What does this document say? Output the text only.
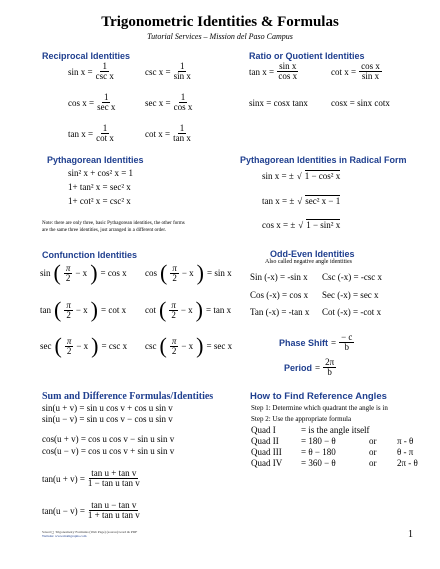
Trigonometric Identities & Formulas
Tutorial Services – Mission del Paso Campus
Reciprocal Identities
$\sin x = \frac{1}{\text{csc x}}$	$\csc x = \frac{1}{\text{sin x}}$
$\cos x = \frac{1}{\text{sec x}}$	$\sec x = \frac{1}{\text{cos x}}$
$\tan x = \frac{1}{\text{cot x}}$	$\cot x = \frac{1}{\text{tan x}}$
Ratio or Quotient Identities
$\tan x = \frac{\text{sin x}}{\text{cos x}}$	$\cot x = \frac{\text{cos x}}{\text{sin x}}$
sinx = cosx tanx	cosx = sinx cotx
Pythagorean Identities
sin² x + cos² x = 1
1+ tan² x = sec² x
1+ cot² x = csc² x
Note: there are only three, basic Pythagorean identities, the other forms
are the same three identities, just arranged in a different order.
Pythagorean Identities in Radical Form
sin x = ± √ 1 − cos² x
tan x = ± √ sec² x − 1
cos x = ± √ 1 − sin² x
Confunction Identities
sin ( $\frac{\pi}{2} - x$ ) = cos x cos ( $\frac{\pi}{2} - x$ ) = sin x
tan ( $\frac{\pi}{2} - x$ ) = cot x cot ( $\frac{\pi}{2} - x$ ) = tan x
sec ( $\frac{\pi}{2} - x$ ) = csc x csc ( $\frac{\pi}{2} - x$ ) = sec x
Odd-Even Identities
Also called negative angle identities
Sin (-x) = -sin x Csc (-x) = -csc x
Cos (-x) = cos x Sec (-x) = sec x
Tan (-x) = -tan x Cot (-x) = -cot x
Phase Shift = $\frac{- c}{b}$
Period = $\frac{2\pi}{b}$
Sum and Difference Formulas/Identities
sin(u + v) = sin u cos v + cos u sin v
sin(u − v) = sin u cos v − cos u sin v
cos(u + v) = cos u cos v − sin u sin v
cos(u − v) = cos u cos v + sin u sin v
$\tan(u + v) = \frac{\text{tan u + tan v}}{\text{1 − tan u tan v}}$
$\tan(u - v) = \frac{\text{tan u − tan v}}{\text{1 + tan u tan v}}$
How to Find Reference Angles
Step 1: Determine which quadrant the angle is in
Step 2: Use the appropriate formula
Quad I	= is the angle itself
Quad II = 180 − θ	or π - θ
Quad III = θ − 180	or θ - π
Quad IV = 360 − θ	or 2π - θ
Saved ◻ Trigonometry Formulas (Web Page) (source)/word & PDF
Website: www.mathgraphs.com	1
